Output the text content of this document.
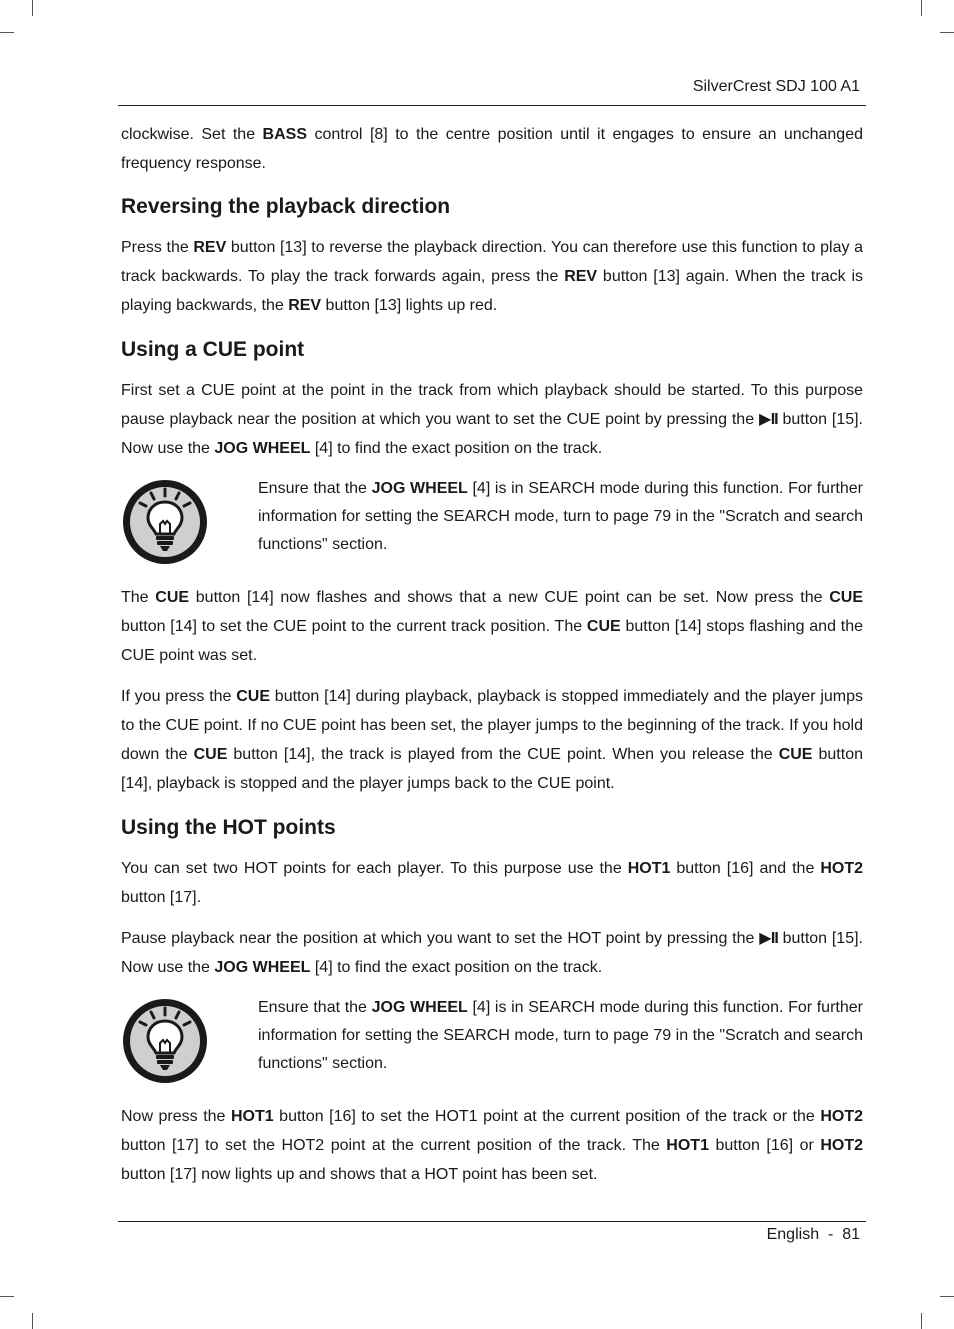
SilverCrest SDJ 100 A1

clockwise. Set the BASS control [8] to the centre position until it engages to ensure an unchanged frequency response.

Reversing the playback direction

Press the REV button [13] to reverse the playback direction. You can therefore use this function to play a track backwards. To play the track forwards again, press the REV button [13] again. When the track is playing backwards, the REV button [13] lights up red.

Using a CUE point

First set a CUE point at the point in the track from which playback should be started. To this purpose pause playback near the position at which you want to set the CUE point by pressing the ▶II button [15]. Now use the JOG WHEEL [4] to find the exact position on the track.

Ensure that the JOG WHEEL [4] is in SEARCH mode during this function. For further information for setting the SEARCH mode, turn to page 79 in the "Scratch and search functions" section.

The CUE button [14] now flashes and shows that a new CUE point can be set. Now press the CUE button [14] to set the CUE point to the current track position. The CUE button [14] stops flashing and the CUE point was set.

If you press the CUE button [14] during playback, playback is stopped immediately and the player jumps to the CUE point. If no CUE point has been set, the player jumps to the beginning of the track. If you hold down the CUE button [14], the track is played from the CUE point. When you release the CUE button [14], playback is stopped and the player jumps back to the CUE point.

Using the HOT points

You can set two HOT points for each player. To this purpose use the HOT1 button [16] and the HOT2 button [17].

Pause playback near the position at which you want to set the HOT point by pressing the ▶II button [15]. Now use the JOG WHEEL [4] to find the exact position on the track.

Ensure that the JOG WHEEL [4] is in SEARCH mode during this function. For further information for setting the SEARCH mode, turn to page 79 in the "Scratch and search functions" section.

Now press the HOT1 button [16] to set the HOT1 point at the current position of the track or the HOT2 button [17] to set the HOT2 point at the current position of the track. The HOT1 button [16] or HOT2 button [17] now lights up and shows that a HOT point has been set.

English - 81
